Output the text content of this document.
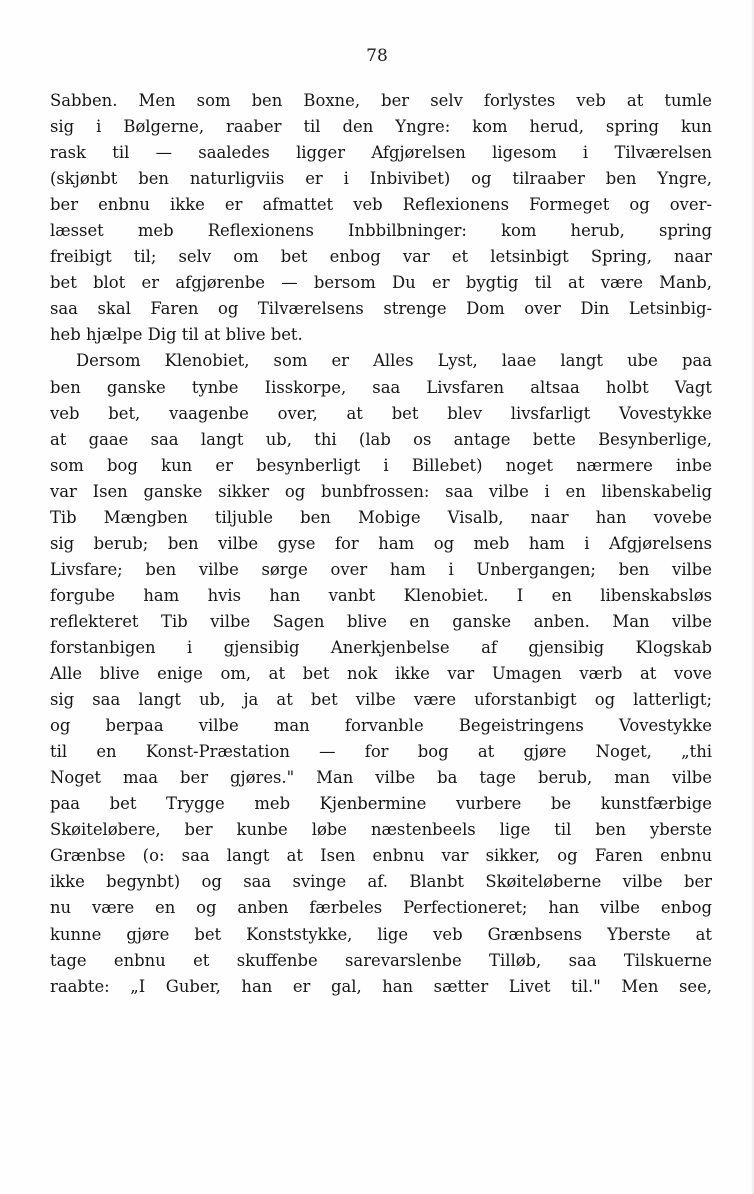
78
Sabben. Men som ben Boxne, ber selv forlystes veb at tumle
sig i Bølgerne, raaber til den Yngre: kom herud, spring kun
rask til — saaledes ligger Afgjørelsen ligesom i Tilværelsen
(skjønbt ben naturligviis er i Inbivibet) og tilraaber ben Yngre,
ber enbnu ikke er afmattet veb Reflexionens Formeget og over-
læsset meb Reflexionens Inbbilbninger: kom herub, spring
freibigt til; selv om bet enbog var et letsinbigt Spring, naar
bet blot er afgjørenbe — bersom Du er bygtig til at være Manb,
saa skal Faren og Tilværelsens strenge Dom over Din Letsinbig-
heb hjælpe Dig til at blive bet.
Dersom Klenobiet, som er Alles Lyst, laae langt ube paa
ben ganske tynbe Iisskorpe, saa Livsfaren altsaa holbt Vagt
veb bet, vaagenbe over, at bet blev livsfarligt Vovestykke
at gaae saa langt ub, thi (lab os antage bette Besynberlige,
som bog kun er besynberligt i Billebet) noget nærmere inbe
var Isen ganske sikker og bunbfrossen: saa vilbe i en libenskabelig
Tib Mængben tiljuble ben Mobige Visalb, naar han vovebe
sig berub; ben vilbe gyse for ham og meb ham i Afgjørelsens
Livsfare; ben vilbe sørge over ham i Unbergangen; ben vilbe
forgube ham hvis han vanbt Klenobiet. I en libenskabsløs
reflekteret Tib vilbe Sagen blive en ganske anben. Man vilbe
forstanbigen i gjensibig Anerkjenbelse af gjensibig Klogskab
Alle blive enige om, at bet nok ikke var Umagen værb at vove
sig saa langt ub, ja at bet vilbe være uforstanbigt og latterligt;
og berpaa vilbe man forvanble Begeistringens Vovestykke
til en Konst-Præstation — for bog at gjøre Noget, „thi
Noget maa ber gjøres." Man vilbe ba tage berub, man vilbe
paa bet Trygge meb Kjenbermine vurbere be kunstfærbige
Skøiteløbere, ber kunbe løbe næstenbeels lige til ben yberste
Grænbse (o: saa langt at Isen enbnu var sikker, og Faren enbnu
ikke begynbt) og saa svinge af. Blanbt Skøiteløberne vilbe ber
nu være en og anben færbeles Perfectioneret; han vilbe enbog
kunne gjøre bet Konststykke, lige veb Grænbsens Yberste at
tage enbnu et skuffenbe sarevarslenbe Tilløb, saa Tilskuerne
raabte: „I Guber, han er gal, han sætter Livet til." Men see,
